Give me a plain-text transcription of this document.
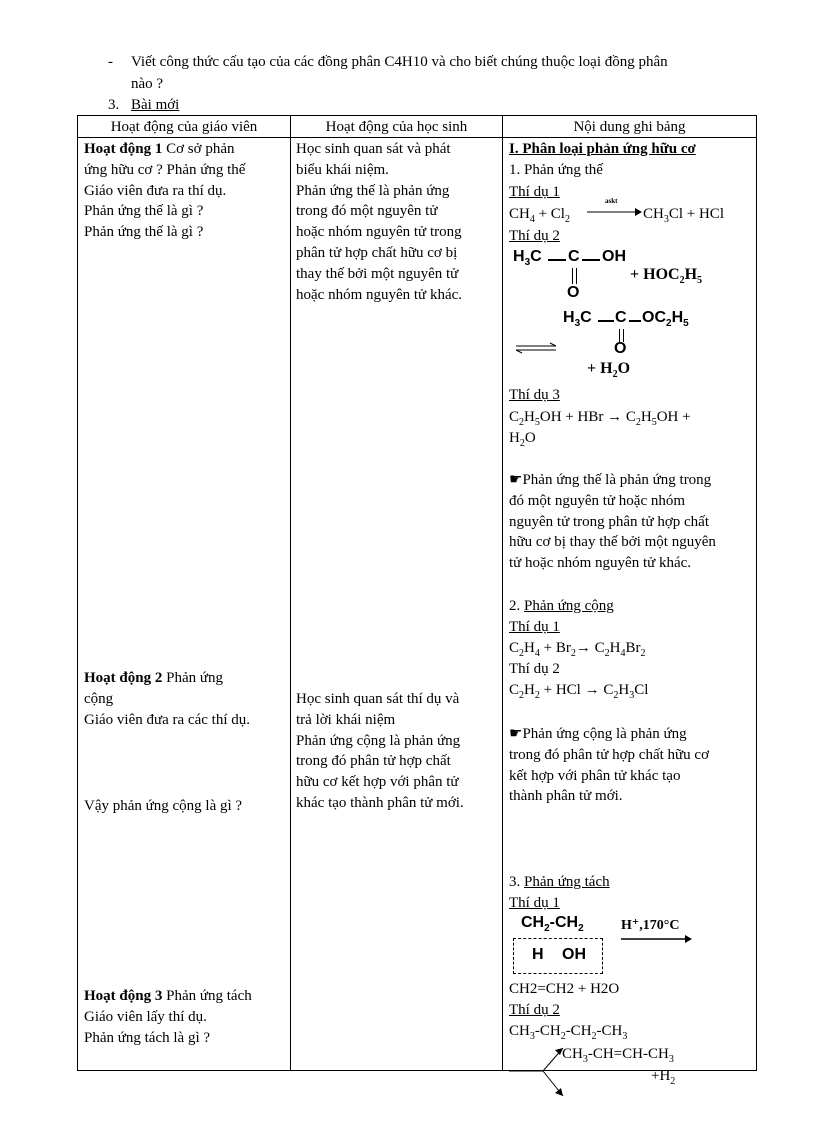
- Viết công thức cấu tạo của các đồng phân C4H10 và cho biết chúng thuộc loại đồng phân
nào ?
3. Bài mới
Hoạt động của giáo viên	Hoạt động của học sinh	Nội dung ghi bảng
Hoạt động 1 Cơ sở phản
ứng hữu cơ ? Phản ứng thế
Giáo viên đưa ra thí dụ.
Phản ứng thế là gì ?
Phản ứng thế là gì ?
Hoạt động 2 Phản ứng
cộng
Giáo viên đưa ra các thí dụ.
Vậy phản ứng cộng là gì ?
Hoạt động 3 Phản ứng tách
Giáo viên lấy thí dụ.
Phản ứng tách là gì ?
Học sinh quan sát và phát
biểu khái niệm.
Phản ứng thế là phản ứng
trong đó một nguyên tử
hoặc nhóm nguyên tử trong
phân tử hợp chất hữu cơ bị
thay thế bởi một nguyên tử
hoặc nhóm nguyên tử khác.
Học sinh quan sát thí dụ và
trả lời khái niệm
Phản ứng cộng là phản ứng
trong đó phân tử hợp chất
hữu cơ kết hợp với phân tử
khác tạo thành phân tử mới.
I. Phân loại phản ứng hữu cơ
1. Phản ứng thế
Thí dụ 1
$CH_4 + Cl_2$
askt
→ $CH_3Cl$ + HCl
Thí dụ 2
$H_3C$ C OH
O
+ $HOC_2H_5$
$H_3C$ C $OC_2H_5$
O
+ $H_2O$
Thí dụ 3
$C_2H_5OH$ + HBr → $C_2H_5OH$ +
$H_2O$
☛Phản ứng thế là phản ứng trong
đó một nguyên tử hoặc nhóm
nguyên tử trong phân tử hợp chất
hữu cơ bị thay thế bởi một nguyên
tử hoặc nhóm nguyên tử khác.
2. Phản ứng cộng
Thí dụ 1
$C_2H_4 + Br_2\to C_2H_4Br_2$
Thí dụ 2
$C_2H_2$ + HCl → $C_2H_3Cl$
☛Phản ứng cộng là phản ứng
trong đó phân tử hợp chất hữu cơ
kết hợp với phân tử khác tạo
thành phân tử mới.
3. Phản ứng tách
Thí dụ 1
$CH_2-CH_2$
H OH
H⁺,170°C
CH2=CH2 + H2O
Thí dụ 2
$CH_3-CH_2-CH_2-CH_3$
$CH_3-CH=CH-CH_3$
$+H_2$
